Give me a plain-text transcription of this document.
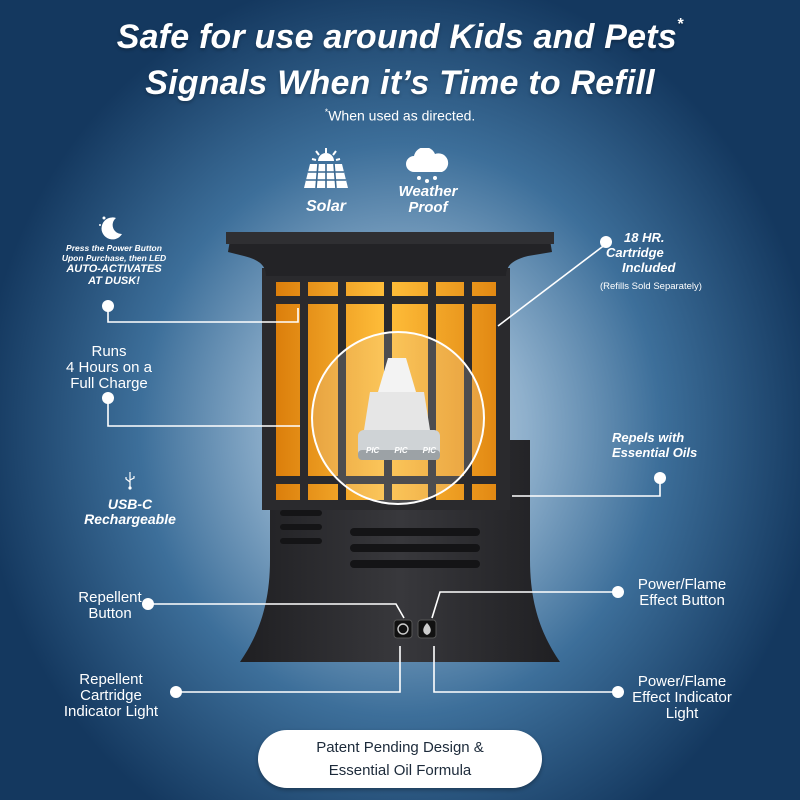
Safe for use around Kids and Pets*
Signals When it’s Time to Refill
*When used as directed.
Solar
Weather
Proof
PIC PIC PIC
Press the Power Button
Upon Purchase, then LED
AUTO-ACTIVATES
AT DUSK!
Runs
4 Hours on a
Full Charge
USB-C
Rechargeable
Repellent
Button
Repellent
Cartridge
Indicator Light
18 HR.
Cartridge
Included
(Refills Sold Separately)
Repels with
Essential Oils
Power/Flame
Effect Button
Power/Flame
Effect Indicator
Light
Patent Pending Design &
Essential Oil Formula
